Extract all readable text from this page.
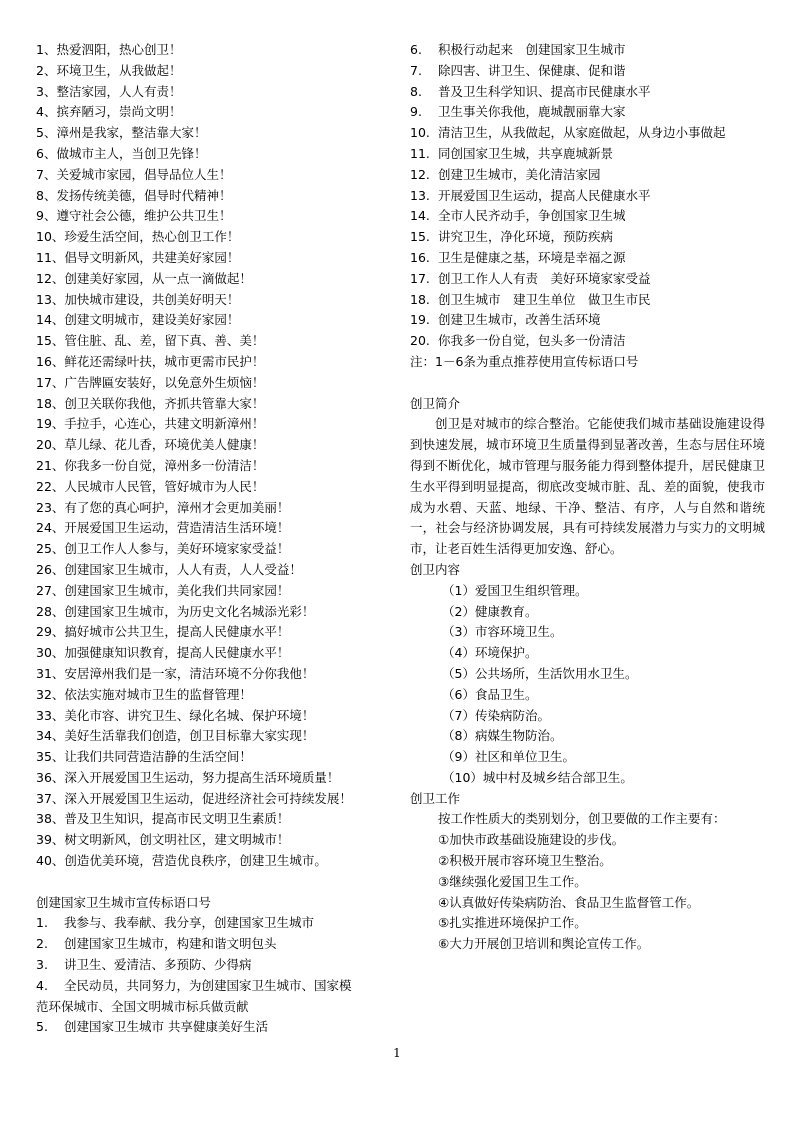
1、热爱泗阳，热心创卫！
2、环境卫生，从我做起！
3、整洁家园，人人有责！
4、摈弃陋习，崇尚文明！
5、漳州是我家，整洁靠大家！
6、做城市主人，当创卫先锋！
7、关爱城市家园，倡导品位人生！
8、发扬传统美德，倡导时代精神！
9、遵守社会公德，维护公共卫生！
10、珍爱生活空间，热心创卫工作！
11、倡导文明新风，共建美好家园！
12、创建美好家园，从一点一滴做起！
13、加快城市建设，共创美好明天！
14、创建文明城市，建设美好家园！
15、管住脏、乱、差，留下真、善、美！
16、鲜花还需绿叶扶，城市更需市民护！
17、广告牌匾安装好，以免意外生烦恼！
18、创卫关联你我他，齐抓共管靠大家！
19、手拉手，心连心，共建文明新漳州！
20、草儿绿、花儿香，环境优美人健康！
21、你我多一份自觉，漳州多一份清洁！
22、人民城市人民管，管好城市为人民！
23、有了您的真心呵护，漳州才会更加美丽！
24、开展爱国卫生运动，营造清洁生活环境！
25、创卫工作人人参与，美好环境家家受益！
26、创建国家卫生城市，人人有责，人人受益！
27、创建国家卫生城市，美化我们共同家园！
28、创建国家卫生城市，为历史文化名城添光彩！
29、搞好城市公共卫生，提高人民健康水平！
30、加强健康知识教育，提高人民健康水平！
31、安居漳州我们是一家，清洁环境不分你我他！
32、依法实施对城市卫生的监督管理！
33、美化市容、讲究卫生、绿化名城、保护环境！
34、美好生活靠我们创造，创卫目标靠大家实现！
35、让我们共同营造洁静的生活空间！
36、深入开展爱国卫生运动，努力提高生活环境质量！
37、深入开展爱国卫生运动，促进经济社会可持续发展！
38、普及卫生知识，提高市民文明卫生素质！
39、树文明新风，创文明社区，建文明城市！
40、创造优美环境，营造优良秩序，创建卫生城市。
创建国家卫生城市宣传标语口号
1. 我参与、我奉献、我分享，创建国家卫生城市
2. 创建国家卫生城市，构建和谐文明包头
3. 讲卫生、爱清洁、多预防、少得病
4. 全民动员，共同努力，为创建国家卫生城市、国家模
范环保城市、全国文明城市标兵做贡献
5. 创建国家卫生城市 共享健康美好生活
6. 积极行动起来　创建国家卫生城市
7. 除四害、讲卫生、保健康、促和谐
8. 普及卫生科学知识、提高市民健康水平
9. 卫生事关你我他，鹿城靓丽靠大家
10. 清洁卫生，从我做起，从家庭做起，从身边小事做起
11. 同创国家卫生城，共享鹿城新景
12. 创建卫生城市，美化清洁家园
13. 开展爱国卫生运动，提高人民健康水平
14. 全市人民齐动手，争创国家卫生城
15. 讲究卫生，净化环境，预防疾病
16. 卫生是健康之基，环境是幸福之源
17. 创卫工作人人有责　美好环境家家受益
18. 创卫生城市　建卫生单位　做卫生市民
19. 创建卫生城市，改善生活环境
20. 你我多一份自觉，包头多一份清洁
注：1－6条为重点推荐使用宣传标语口号
创卫简介

创卫是对城市的综合整治。它能使我们城市基础设施建设得到快速发展，城市环境卫生质量得到显著改善，生态与居住环境得到不断优化，城市管理与服务能力得到整体提升，居民健康卫生水平得到明显提高，彻底改变城市脏、乱、差的面貌，使我市成为水碧、天蓝、地绿、干净、整洁、有序，人与自然和谐统一，社会与经济协调发展，具有可持续发展潜力与实力的文明城市，让老百姓生活得更加安逸、舒心。

创卫内容
（1）爱国卫生组织管理。
（2）健康教育。
（3）市容环境卫生。
（4）环境保护。
（5）公共场所，生活饮用水卫生。
（6）食品卫生。
（7）传染病防治。
（8）病媒生物防治。
（9）社区和单位卫生。
（10）城中村及城乡结合部卫生。
创卫工作
按工作性质大的类别划分，创卫要做的工作主要有：
①加快市政基础设施建设的步伐。
②积极开展市容环境卫生整治。
③继续强化爱国卫生工作。
④认真做好传染病防治、食品卫生监督管工作。
⑤扎实推进环境保护工作。
⑥大力开展创卫培训和舆论宣传工作。
1
